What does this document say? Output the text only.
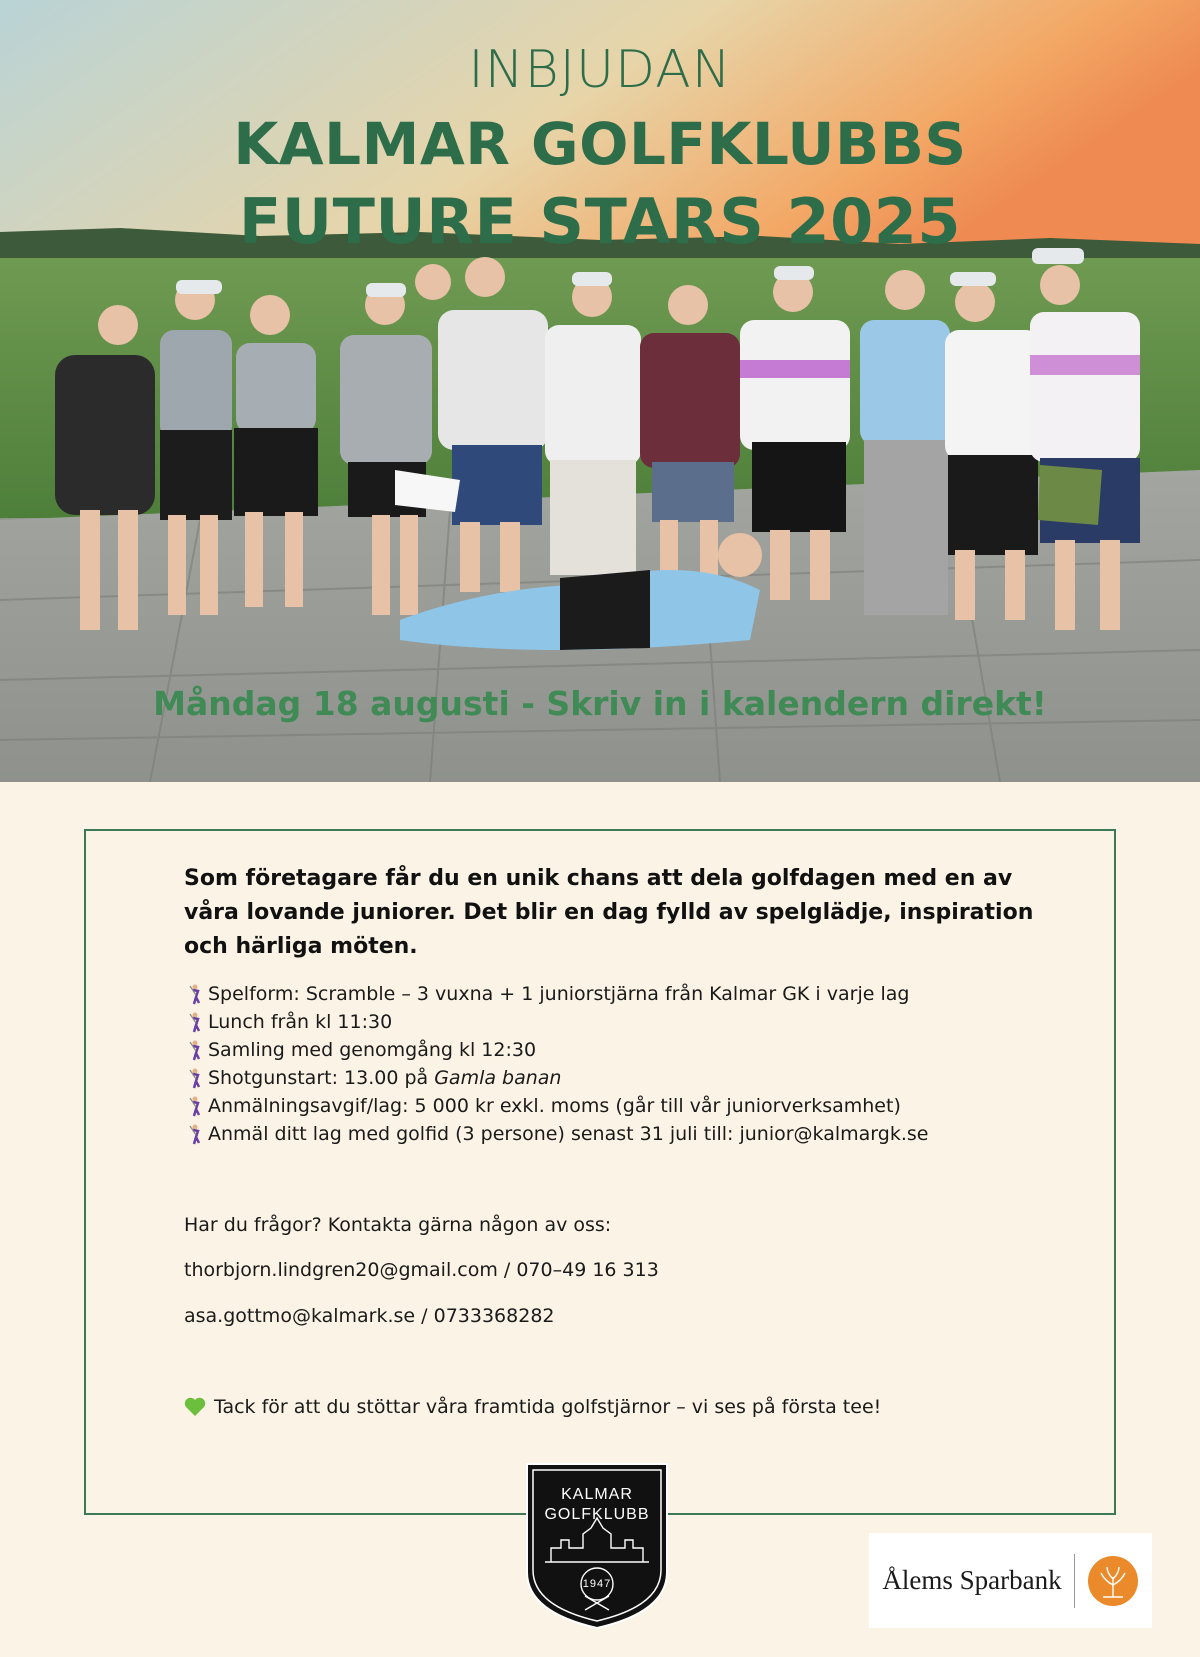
INBJUDAN
KALMAR GOLFKLUBBS
FUTURE STARS 2025
Måndag 18 augusti - Skriv in i kalendern direkt!
Som företagare får du en unik chans att dela golfdagen med en av våra lovande juniorer. Det blir en dag fylld av spelglädje, inspiration och härliga möten.
Spelform: Scramble – 3 vuxna + 1 juniorstjärna från Kalmar GK i varje lag
Lunch från kl 11:30
Samling med genomgång kl 12:30
Shotgunstart: 13.00 på Gamla banan
Anmälningsavgif/lag: 5 000 kr exkl. moms (går till vår juniorverksamhet)
Anmäl ditt lag med golfid (3 persone) senast 31 juli till: junior@kalmargk.se
Har du frågor? Kontakta gärna någon av oss:
thorbjorn.lindgren20@gmail.com / 070–49 16 313
asa.gottmo@kalmark.se / 0733368282
Tack för att du stöttar våra framtida golfstjärnor – vi ses på första tee!
KALMAR
GOLFKLUBB
1947	Ålems Sparbank
